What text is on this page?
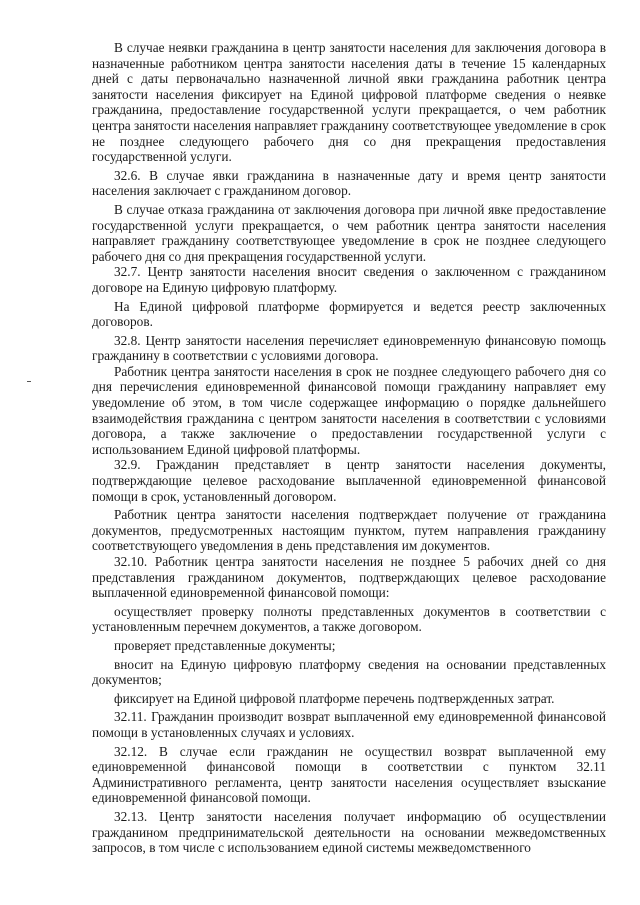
В случае неявки гражданина в центр занятости населения для заключения договора в назначенные работником центра занятости населения даты в течение 15 календарных дней с даты первоначально назначенной личной явки гражданина работник центра занятости населения фиксирует на Единой цифровой платформе сведения о неявке гражданина, предоставление государственной услуги прекращается, о чем работник центра занятости населения направляет гражданину соответствующее уведомление в срок не позднее следующего рабочего дня со дня прекращения предоставления государственной услуги.

32.6. В случае явки гражданина в назначенные дату и время центр занятости населения заключает с гражданином договор.

В случае отказа гражданина от заключения договора при личной явке предоставление государственной услуги прекращается, о чем работник центра занятости населения направляет гражданину соответствующее уведомление в срок не позднее следующего рабочего дня со дня прекращения государственной услуги.

32.7. Центр занятости населения вносит сведения о заключенном с гражданином договоре на Единую цифровую платформу.

На Единой цифровой платформе формируется и ведется реестр заключенных договоров.

32.8. Центр занятости населения перечисляет единовременную финансовую помощь гражданину в соответствии с условиями договора.

Работник центра занятости населения в срок не позднее следующего рабочего дня со дня перечисления единовременной финансовой помощи гражданину направляет ему уведомление об этом, в том числе содержащее информацию о порядке дальнейшего взаимодействия гражданина с центром занятости населения в соответствии с условиями договора, а также заключение о предоставлении государственной услуги с использованием Единой цифровой платформы.

32.9. Гражданин представляет в центр занятости населения документы, подтверждающие целевое расходование выплаченной единовременной финансовой помощи в срок, установленный договором.

Работник центра занятости населения подтверждает получение от гражданина документов, предусмотренных настоящим пунктом, путем направления гражданину соответствующего уведомления в день представления им документов.

32.10. Работник центра занятости населения не позднее 5 рабочих дней со дня представления гражданином документов, подтверждающих целевое расходование выплаченной единовременной финансовой помощи:

осуществляет проверку полноты представленных документов в соответствии с установленным перечнем документов, а также договором.

проверяет представленные документы;

вносит на Единую цифровую платформу сведения на основании представленных документов;

фиксирует на Единой цифровой платформе перечень подтвержденных затрат.

32.11. Гражданин производит возврат выплаченной ему единовременной финансовой помощи в установленных случаях и условиях.

32.12. В случае если гражданин не осуществил возврат выплаченной ему единовременной финансовой помощи в соответствии с пунктом 32.11 Административного регламента, центр занятости населения осуществляет взыскание единовременной финансовой помощи.

32.13. Центр занятости населения получает информацию об осуществлении гражданином предпринимательской деятельности на основании межведомственных запросов, в том числе с использованием единой системы межведомственного
